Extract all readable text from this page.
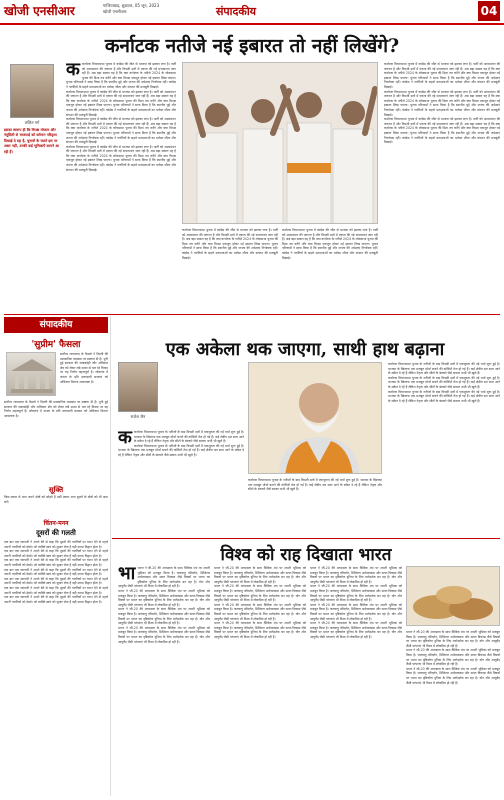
खोजी एनसीआर	गाजियाबाद, शुक्रवार, 05 जून, 2023
खोजी एनसीआर	संपादकीय	04
कर्नाटक नतीजे नई इबारत तो नहीं लिखेंगे?
ललित गर्ग
इसका स्वरूप ही कि विपक्ष मोजाम और नंतूसिती से भाजपाई को वर्तमान परिदृश्य दिखाई दे रहा है, चुनावों के चलते इस पर असर नहीं, उनकी कई भूमिकाएँ सामने आ रही हैं।
क कर्नाटक विधानसभा चुनाव में कांग्रेस की जीत से भाजपा को झटका लगा है। पार्टी को आत्ममंथन की जरूरत है और विपक्षी दलों में एकता की नई संभावनाएं जाग रही हैं। अब बड़ा सवाल यह है कि क्या कर्नाटक के नतीजे 2024 के लोकसभा चुनाव की दिशा तय करेंगे और क्या विपक्ष एकजुट होकर नई इबारत लिख पाएगा। चुनाव परिणामों ने साफ किया है कि स्थानीय मुद्दे और जनता की अपेक्षाएं निर्णायक रहीं। कांग्रेस ने गारंटियों के सहारे मतदाताओं का भरोसा जीता और संगठन की मजबूती दिखाई।
कर्नाटक विधानसभा चुनाव में कांग्रेस की जीत से भाजपा को झटका लगा है। पार्टी को आत्ममंथन की जरूरत है और विपक्षी दलों में एकता की नई संभावनाएं जाग रही हैं। अब बड़ा सवाल यह है कि क्या कर्नाटक के नतीजे 2024 के लोकसभा चुनाव की दिशा तय करेंगे और क्या विपक्ष एकजुट होकर नई इबारत लिख पाएगा। चुनाव परिणामों ने साफ किया है कि स्थानीय मुद्दे और जनता की अपेक्षाएं निर्णायक रहीं। कांग्रेस ने गारंटियों के सहारे मतदाताओं का भरोसा जीता और संगठन की मजबूती दिखाई।
कर्नाटक विधानसभा चुनाव में कांग्रेस की जीत से भाजपा को झटका लगा है। पार्टी को आत्ममंथन की जरूरत है और विपक्षी दलों में एकता की नई संभावनाएं जाग रही हैं। अब बड़ा सवाल यह है कि क्या कर्नाटक के नतीजे 2024 के लोकसभा चुनाव की दिशा तय करेंगे और क्या विपक्ष एकजुट होकर नई इबारत लिख पाएगा। चुनाव परिणामों ने साफ किया है कि स्थानीय मुद्दे और जनता की अपेक्षाएं निर्णायक रहीं। कांग्रेस ने गारंटियों के सहारे मतदाताओं का भरोसा जीता और संगठन की मजबूती दिखाई।
कर्नाटक विधानसभा चुनाव में कांग्रेस की जीत से भाजपा को झटका लगा है। पार्टी को आत्ममंथन की जरूरत है और विपक्षी दलों में एकता की नई संभावनाएं जाग रही हैं। अब बड़ा सवाल यह है कि क्या कर्नाटक के नतीजे 2024 के लोकसभा चुनाव की दिशा तय करेंगे और क्या विपक्ष एकजुट होकर नई इबारत लिख पाएगा। चुनाव परिणामों ने साफ किया है कि स्थानीय मुद्दे और जनता की अपेक्षाएं निर्णायक रहीं। कांग्रेस ने गारंटियों के सहारे मतदाताओं का भरोसा जीता और संगठन की मजबूती दिखाई।
कर्नाटक विधानसभा चुनाव में कांग्रेस की जीत से भाजपा को झटका लगा है। पार्टी को आत्ममंथन की जरूरत है और विपक्षी दलों में एकता की नई संभावनाएं जाग रही हैं। अब बड़ा सवाल यह है कि क्या कर्नाटक के नतीजे 2024 के लोकसभा चुनाव की दिशा तय करेंगे और क्या विपक्ष एकजुट होकर नई इबारत लिख पाएगा। चुनाव परिणामों ने साफ किया है कि स्थानीय मुद्दे और जनता की अपेक्षाएं निर्णायक रहीं। कांग्रेस ने गारंटियों के सहारे मतदाताओं का भरोसा जीता और संगठन की मजबूती दिखाई।
कर्नाटक विधानसभा चुनाव में कांग्रेस की जीत से भाजपा को झटका लगा है। पार्टी को आत्ममंथन की जरूरत है और विपक्षी दलों में एकता की नई संभावनाएं जाग रही हैं। अब बड़ा सवाल यह है कि क्या कर्नाटक के नतीजे 2024 के लोकसभा चुनाव की दिशा तय करेंगे और क्या विपक्ष एकजुट होकर नई इबारत लिख पाएगा। चुनाव परिणामों ने साफ किया है कि स्थानीय मुद्दे और जनता की अपेक्षाएं निर्णायक रहीं। कांग्रेस ने गारंटियों के सहारे मतदाताओं का भरोसा जीता और संगठन की मजबूती दिखाई।
कर्नाटक विधानसभा चुनाव में कांग्रेस की जीत से भाजपा को झटका लगा है। पार्टी को आत्ममंथन की जरूरत है और विपक्षी दलों में एकता की नई संभावनाएं जाग रही हैं। अब बड़ा सवाल यह है कि क्या कर्नाटक के नतीजे 2024 के लोकसभा चुनाव की दिशा तय करेंगे और क्या विपक्ष एकजुट होकर नई इबारत लिख पाएगा। चुनाव परिणामों ने साफ किया है कि स्थानीय मुद्दे और जनता की अपेक्षाएं निर्णायक रहीं। कांग्रेस ने गारंटियों के सहारे मतदाताओं का भरोसा जीता और संगठन की मजबूती दिखाई।
कर्नाटक विधानसभा चुनाव में कांग्रेस की जीत से भाजपा को झटका लगा है। पार्टी को आत्ममंथन की जरूरत है और विपक्षी दलों में एकता की नई संभावनाएं जाग रही हैं। अब बड़ा सवाल यह है कि क्या कर्नाटक के नतीजे 2024 के लोकसभा चुनाव की दिशा तय करेंगे और क्या विपक्ष एकजुट होकर नई इबारत लिख पाएगा। चुनाव परिणामों ने साफ किया है कि स्थानीय मुद्दे और जनता की अपेक्षाएं निर्णायक रहीं। कांग्रेस ने गारंटियों के सहारे मतदाताओं का भरोसा जीता और संगठन की मजबूती दिखाई।
कर्नाटक विधानसभा चुनाव में कांग्रेस की जीत से भाजपा को झटका लगा है। पार्टी को आत्ममंथन की जरूरत है और विपक्षी दलों में एकता की नई संभावनाएं जाग रही हैं। अब बड़ा सवाल यह है कि क्या कर्नाटक के नतीजे 2024 के लोकसभा चुनाव की दिशा तय करेंगे और क्या विपक्ष एकजुट होकर नई इबारत लिख पाएगा। चुनाव परिणामों ने साफ किया है कि स्थानीय मुद्दे और जनता की अपेक्षाएं निर्णायक रहीं। कांग्रेस ने गारंटियों के सहारे मतदाताओं का भरोसा जीता और संगठन की मजबूती दिखाई।
संपादकीय
'सुप्रीम' फैसला
सर्वोच्च न्यायालय के फैसले ने दिल्ली की प्रशासनिक व्यवस्था पर स्पष्टता दी है। चुनी हुई सरकार की जवाबदेही और अधिकार क्षेत्र को लेकर लंबे समय से चल रहे विवाद पर यह निर्णय महत्वपूर्ण है। लोकतंत्र में जनता के प्रति उत्तरदायी सरकार को अधिकार मिलना आवश्यक है।
सर्वोच्च न्यायालय के फैसले ने दिल्ली की प्रशासनिक व्यवस्था पर स्पष्टता दी है। चुनी हुई सरकार की जवाबदेही और अधिकार क्षेत्र को लेकर लंबे समय से चल रहे विवाद पर यह निर्णय महत्वपूर्ण है। लोकतंत्र में जनता के प्रति उत्तरदायी सरकार को अधिकार मिलना आवश्यक है।
सूक्ति
जिस प्रकार से आप अपने दोषों को छोड़ते हैं उसी प्रकार आप दूसरों के दोषों को भी क्षमा करें।
चिंतन-मनन
दूसरों की गलती
एक बार एक व्यापारी ने अपने बेटे से कहा कि दूसरों की गलतियों पर ध्यान देने से पहले अपनी गलतियों को देखो। जो व्यक्ति स्वयं को सुधार लेता है वही सच्चा विद्वान होता है।
एक बार एक व्यापारी ने अपने बेटे से कहा कि दूसरों की गलतियों पर ध्यान देने से पहले अपनी गलतियों को देखो। जो व्यक्ति स्वयं को सुधार लेता है वही सच्चा विद्वान होता है।
एक बार एक व्यापारी ने अपने बेटे से कहा कि दूसरों की गलतियों पर ध्यान देने से पहले अपनी गलतियों को देखो। जो व्यक्ति स्वयं को सुधार लेता है वही सच्चा विद्वान होता है।
एक बार एक व्यापारी ने अपने बेटे से कहा कि दूसरों की गलतियों पर ध्यान देने से पहले अपनी गलतियों को देखो। जो व्यक्ति स्वयं को सुधार लेता है वही सच्चा विद्वान होता है।
एक बार एक व्यापारी ने अपने बेटे से कहा कि दूसरों की गलतियों पर ध्यान देने से पहले अपनी गलतियों को देखो। जो व्यक्ति स्वयं को सुधार लेता है वही सच्चा विद्वान होता है।
एक बार एक व्यापारी ने अपने बेटे से कहा कि दूसरों की गलतियों पर ध्यान देने से पहले अपनी गलतियों को देखो। जो व्यक्ति स्वयं को सुधार लेता है वही सच्चा विद्वान होता है।
एक बार एक व्यापारी ने अपने बेटे से कहा कि दूसरों की गलतियों पर ध्यान देने से पहले अपनी गलतियों को देखो। जो व्यक्ति स्वयं को सुधार लेता है वही सच्चा विद्वान होता है।
एक अकेला थक जाएगा, साथी हाथ बढ़ाना
राजेश जैन
क कर्नाटक विधानसभा चुनाव के नतीजों के बाद विपक्षी दलों में एकजुटता की नई चर्चा शुरू हुई है। भाजपा के खिलाफ एक मजबूत मोर्चा बनाने की कोशिशें तेज हो गई हैं। कई क्षेत्रीय दल साथ आने के संकेत दे रहे हैं लेकिन नेतृत्व और सीटों के बंटवारे जैसे सवाल अभी भी खुले हैं।
कर्नाटक विधानसभा चुनाव के नतीजों के बाद विपक्षी दलों में एकजुटता की नई चर्चा शुरू हुई है। भाजपा के खिलाफ एक मजबूत मोर्चा बनाने की कोशिशें तेज हो गई हैं। कई क्षेत्रीय दल साथ आने के संकेत दे रहे हैं लेकिन नेतृत्व और सीटों के बंटवारे जैसे सवाल अभी भी खुले हैं।
कर्नाटक विधानसभा चुनाव के नतीजों के बाद विपक्षी दलों में एकजुटता की नई चर्चा शुरू हुई है। भाजपा के खिलाफ एक मजबूत मोर्चा बनाने की कोशिशें तेज हो गई हैं। कई क्षेत्रीय दल साथ आने के संकेत दे रहे हैं लेकिन नेतृत्व और सीटों के बंटवारे जैसे सवाल अभी भी खुले हैं।
कर्नाटक विधानसभा चुनाव के नतीजों के बाद विपक्षी दलों में एकजुटता की नई चर्चा शुरू हुई है। भाजपा के खिलाफ एक मजबूत मोर्चा बनाने की कोशिशें तेज हो गई हैं। कई क्षेत्रीय दल साथ आने के संकेत दे रहे हैं लेकिन नेतृत्व और सीटों के बंटवारे जैसे सवाल अभी भी खुले हैं।
कर्नाटक विधानसभा चुनाव के नतीजों के बाद विपक्षी दलों में एकजुटता की नई चर्चा शुरू हुई है। भाजपा के खिलाफ एक मजबूत मोर्चा बनाने की कोशिशें तेज हो गई हैं। कई क्षेत्रीय दल साथ आने के संकेत दे रहे हैं लेकिन नेतृत्व और सीटों के बंटवारे जैसे सवाल अभी भी खुले हैं।
कर्नाटक विधानसभा चुनाव के नतीजों के बाद विपक्षी दलों में एकजुटता की नई चर्चा शुरू हुई है। भाजपा के खिलाफ एक मजबूत मोर्चा बनाने की कोशिशें तेज हो गई हैं। कई क्षेत्रीय दल साथ आने के संकेत दे रहे हैं लेकिन नेतृत्व और सीटों के बंटवारे जैसे सवाल अभी भी खुले हैं।
विश्व को राह दिखाता भारत
भा भारत ने जी-20 की अध्यक्षता के साथ वैश्विक मंच पर अपनी भूमिका को मजबूत किया है। जलवायु परिवर्तन, डिजिटल अर्थव्यवस्था और सतत विकास जैसे विषयों पर भारत का दृष्टिकोण दुनिया के लिए मार्गदर्शक बन रहा है। योग और आयुर्वेद जैसी परंपराएं भी विश्व में लोकप्रिय हो रही हैं।
भारत ने जी-20 की अध्यक्षता के साथ वैश्विक मंच पर अपनी भूमिका को मजबूत किया है। जलवायु परिवर्तन, डिजिटल अर्थव्यवस्था और सतत विकास जैसे विषयों पर भारत का दृष्टिकोण दुनिया के लिए मार्गदर्शक बन रहा है। योग और आयुर्वेद जैसी परंपराएं भी विश्व में लोकप्रिय हो रही हैं।
भारत ने जी-20 की अध्यक्षता के साथ वैश्विक मंच पर अपनी भूमिका को मजबूत किया है। जलवायु परिवर्तन, डिजिटल अर्थव्यवस्था और सतत विकास जैसे विषयों पर भारत का दृष्टिकोण दुनिया के लिए मार्गदर्शक बन रहा है। योग और आयुर्वेद जैसी परंपराएं भी विश्व में लोकप्रिय हो रही हैं।
भारत ने जी-20 की अध्यक्षता के साथ वैश्विक मंच पर अपनी भूमिका को मजबूत किया है। जलवायु परिवर्तन, डिजिटल अर्थव्यवस्था और सतत विकास जैसे विषयों पर भारत का दृष्टिकोण दुनिया के लिए मार्गदर्शक बन रहा है। योग और आयुर्वेद जैसी परंपराएं भी विश्व में लोकप्रिय हो रही हैं।
भारत ने जी-20 की अध्यक्षता के साथ वैश्विक मंच पर अपनी भूमिका को मजबूत किया है। जलवायु परिवर्तन, डिजिटल अर्थव्यवस्था और सतत विकास जैसे विषयों पर भारत का दृष्टिकोण दुनिया के लिए मार्गदर्शक बन रहा है। योग और आयुर्वेद जैसी परंपराएं भी विश्व में लोकप्रिय हो रही हैं।
भारत ने जी-20 की अध्यक्षता के साथ वैश्विक मंच पर अपनी भूमिका को मजबूत किया है। जलवायु परिवर्तन, डिजिटल अर्थव्यवस्था और सतत विकास जैसे विषयों पर भारत का दृष्टिकोण दुनिया के लिए मार्गदर्शक बन रहा है। योग और आयुर्वेद जैसी परंपराएं भी विश्व में लोकप्रिय हो रही हैं।
भारत ने जी-20 की अध्यक्षता के साथ वैश्विक मंच पर अपनी भूमिका को मजबूत किया है। जलवायु परिवर्तन, डिजिटल अर्थव्यवस्था और सतत विकास जैसे विषयों पर भारत का दृष्टिकोण दुनिया के लिए मार्गदर्शक बन रहा है। योग और आयुर्वेद जैसी परंपराएं भी विश्व में लोकप्रिय हो रही हैं।
भारत ने जी-20 की अध्यक्षता के साथ वैश्विक मंच पर अपनी भूमिका को मजबूत किया है। जलवायु परिवर्तन, डिजिटल अर्थव्यवस्था और सतत विकास जैसे विषयों पर भारत का दृष्टिकोण दुनिया के लिए मार्गदर्शक बन रहा है। योग और आयुर्वेद जैसी परंपराएं भी विश्व में लोकप्रिय हो रही हैं।
भारत ने जी-20 की अध्यक्षता के साथ वैश्विक मंच पर अपनी भूमिका को मजबूत किया है। जलवायु परिवर्तन, डिजिटल अर्थव्यवस्था और सतत विकास जैसे विषयों पर भारत का दृष्टिकोण दुनिया के लिए मार्गदर्शक बन रहा है। योग और आयुर्वेद जैसी परंपराएं भी विश्व में लोकप्रिय हो रही हैं।
भारत ने जी-20 की अध्यक्षता के साथ वैश्विक मंच पर अपनी भूमिका को मजबूत किया है। जलवायु परिवर्तन, डिजिटल अर्थव्यवस्था और सतत विकास जैसे विषयों पर भारत का दृष्टिकोण दुनिया के लिए मार्गदर्शक बन रहा है। योग और आयुर्वेद जैसी परंपराएं भी विश्व में लोकप्रिय हो रही हैं।
भारत ने जी-20 की अध्यक्षता के साथ वैश्विक मंच पर अपनी भूमिका को मजबूत किया है। जलवायु परिवर्तन, डिजिटल अर्थव्यवस्था और सतत विकास जैसे विषयों पर भारत का दृष्टिकोण दुनिया के लिए मार्गदर्शक बन रहा है। योग और आयुर्वेद जैसी परंपराएं भी विश्व में लोकप्रिय हो रही हैं।
भारत ने जी-20 की अध्यक्षता के साथ वैश्विक मंच पर अपनी भूमिका को मजबूत किया है। जलवायु परिवर्तन, डिजिटल अर्थव्यवस्था और सतत विकास जैसे विषयों पर भारत का दृष्टिकोण दुनिया के लिए मार्गदर्शक बन रहा है। योग और आयुर्वेद जैसी परंपराएं भी विश्व में लोकप्रिय हो रही हैं।
भारत ने जी-20 की अध्यक्षता के साथ वैश्विक मंच पर अपनी भूमिका को मजबूत किया है। जलवायु परिवर्तन, डिजिटल अर्थव्यवस्था और सतत विकास जैसे विषयों पर भारत का दृष्टिकोण दुनिया के लिए मार्गदर्शक बन रहा है। योग और आयुर्वेद जैसी परंपराएं भी विश्व में लोकप्रिय हो रही हैं।
भारत ने जी-20 की अध्यक्षता के साथ वैश्विक मंच पर अपनी भूमिका को मजबूत किया है। जलवायु परिवर्तन, डिजिटल अर्थव्यवस्था और सतत विकास जैसे विषयों पर भारत का दृष्टिकोण दुनिया के लिए मार्गदर्शक बन रहा है। योग और आयुर्वेद जैसी परंपराएं भी विश्व में लोकप्रिय हो रही हैं।
भारत ने जी-20 की अध्यक्षता के साथ वैश्विक मंच पर अपनी भूमिका को मजबूत किया है। जलवायु परिवर्तन, डिजिटल अर्थव्यवस्था और सतत विकास जैसे विषयों पर भारत का दृष्टिकोण दुनिया के लिए मार्गदर्शक बन रहा है। योग और आयुर्वेद जैसी परंपराएं भी विश्व में लोकप्रिय हो रही हैं।
